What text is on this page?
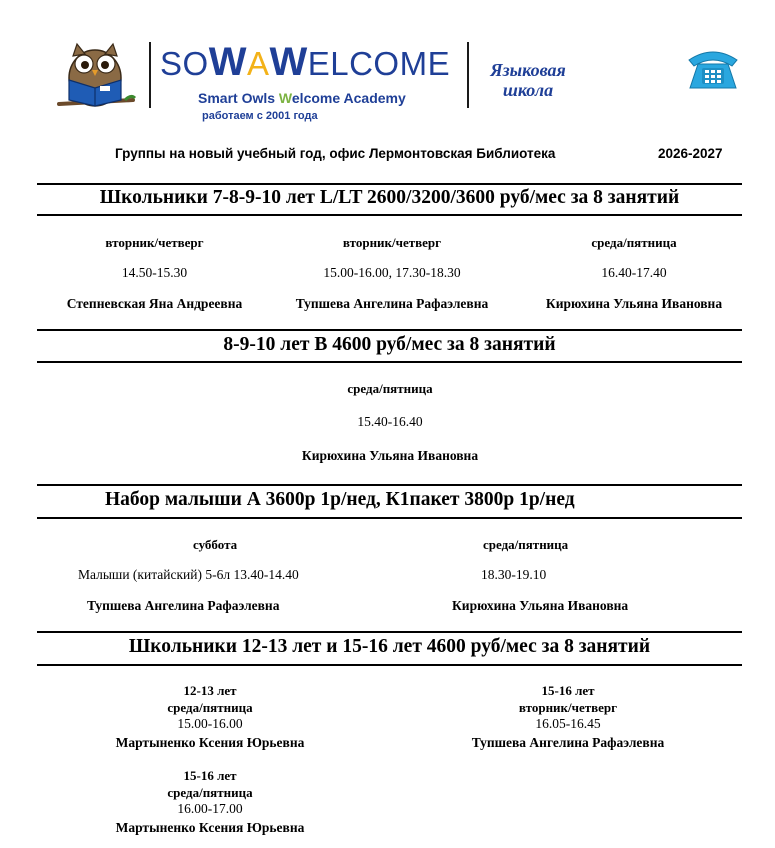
SOWAWELCOME
Smart Owls Welcome Academy
работаем с 2001 года
Языковая
школа
Группы на новый учебный год, офис Лермонтовская Библиотека	2026-2027
Школьники 7-8-9-10 лет L/LT 2600/3200/3600 руб/мес за 8 занятий
вторник/четверг
14.50-15.30
Степневская Яна Андреевна
вторник/четверг
15.00-16.00, 17.30-18.30
Тупшева Ангелина Рафаэлевна
среда/пятница
16.40-17.40
Кирюхина Ульяна Ивановна
8-9-10 лет B 4600 руб/мес за 8 занятий
среда/пятница
15.40-16.40
Кирюхина Ульяна Ивановна
Набор малыши А 3600р 1р/нед, К1пакет 3800р 1р/нед
суббота
Малыши (китайский) 5-6л 13.40-14.40
Тупшева Ангелина Рафаэлевна
среда/пятница
18.30-19.10
Кирюхина Ульяна Ивановна
Школьники 12-13 лет и 15-16 лет 4600 руб/мес за 8 занятий
12-13 лет
среда/пятница
15.00-16.00
Мартыненко Ксения Юрьевна
15-16 лет
вторник/четверг
16.05-16.45
Тупшева Ангелина Рафаэлевна
15-16 лет
среда/пятница
16.00-17.00
Мартыненко Ксения Юрьевна
